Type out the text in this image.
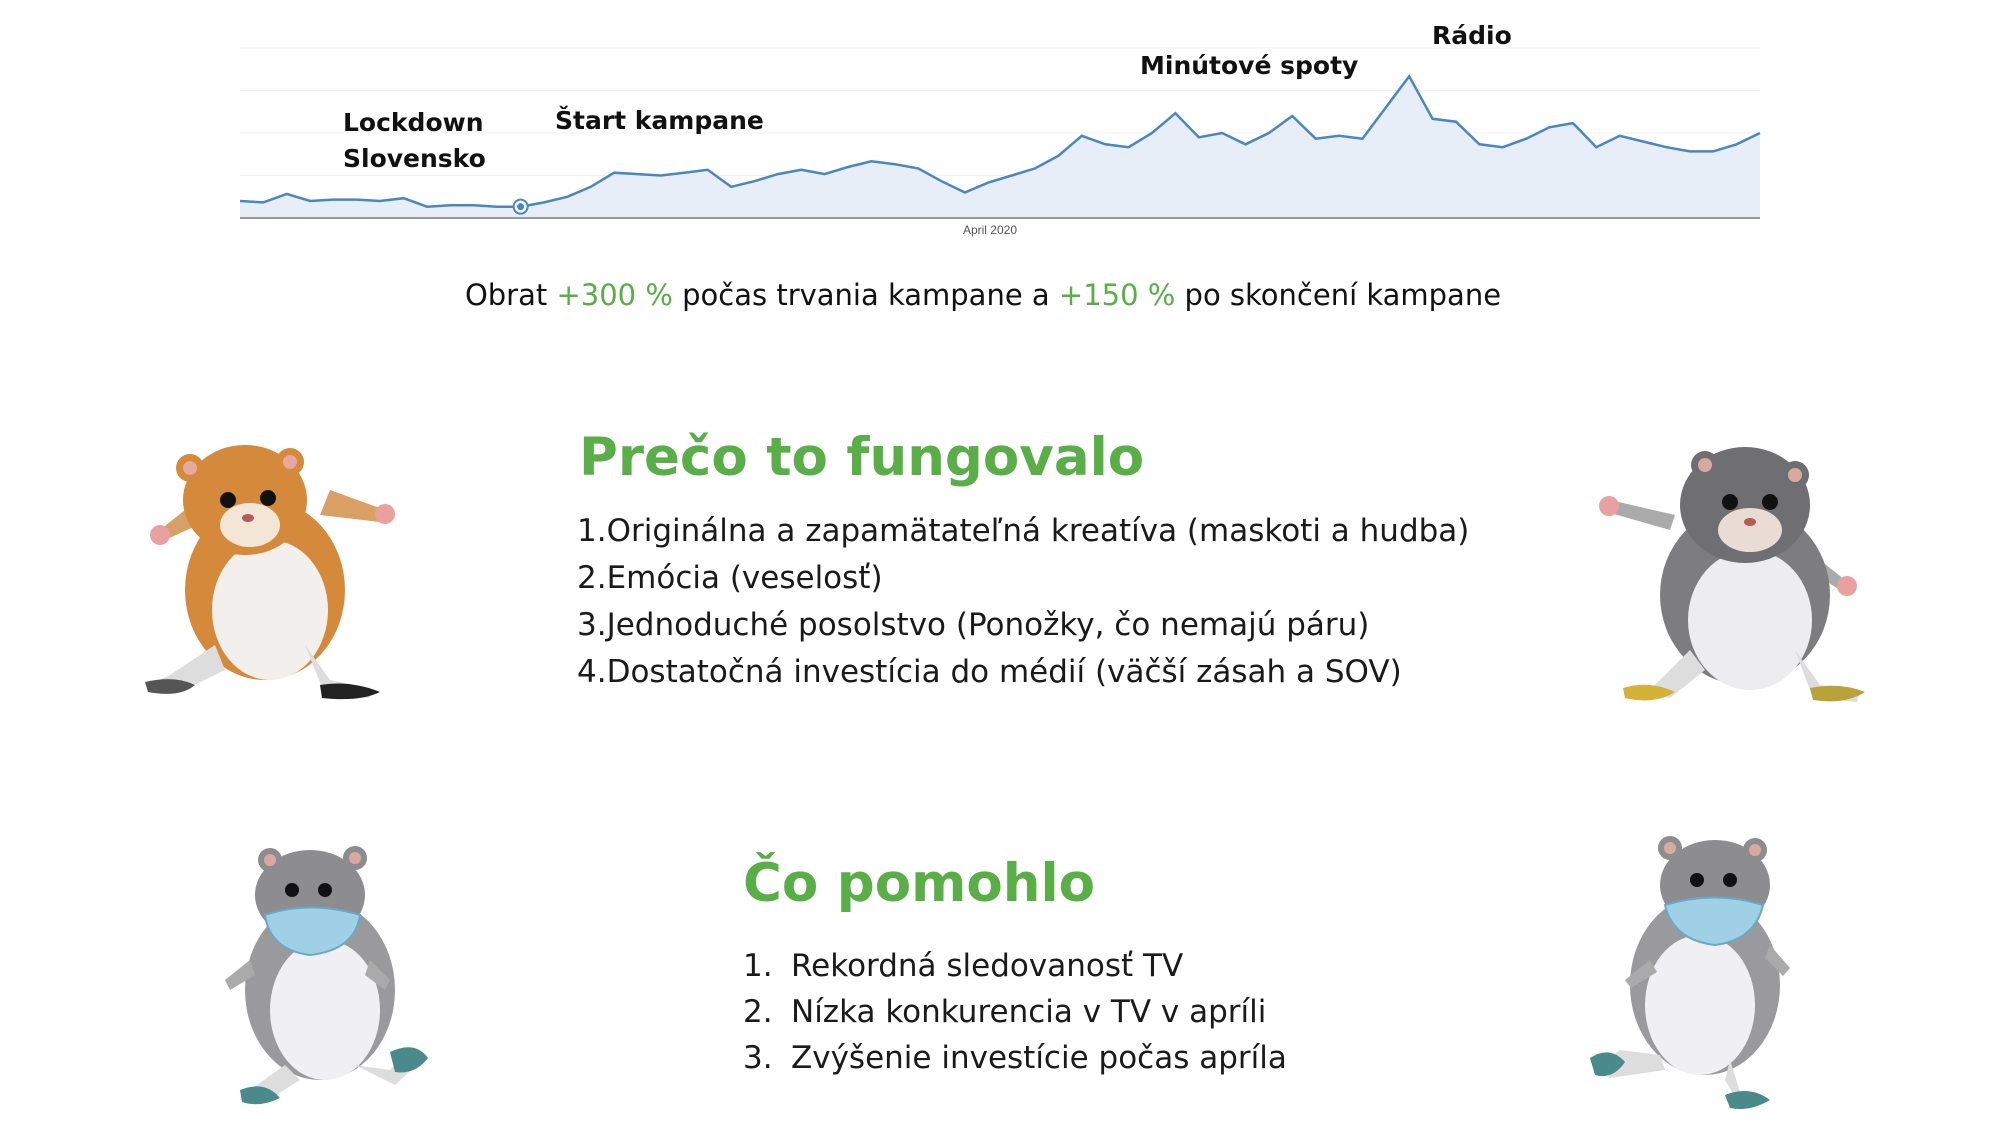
April 2020
Lockdown
Slovensko
Štart kampane
Minútové spoty
Rádio
Obrat +300 % počas trvania kampane a +150 % po skončení kampane
Prečo to fungovalo
1.Originálna a zapamätateľná kreatíva (maskoti a hudba)
2.Emócia (veselosť)
3.Jednoduché posolstvo (Ponožky, čo nemajú páru)
4.Dostatočná investícia do médií (väčší zásah a SOV)
Čo pomohlo
1. Rekordná sledovanosť TV
2. Nízka konkurencia v TV v apríli
3. Zvýšenie investície počas apríla
